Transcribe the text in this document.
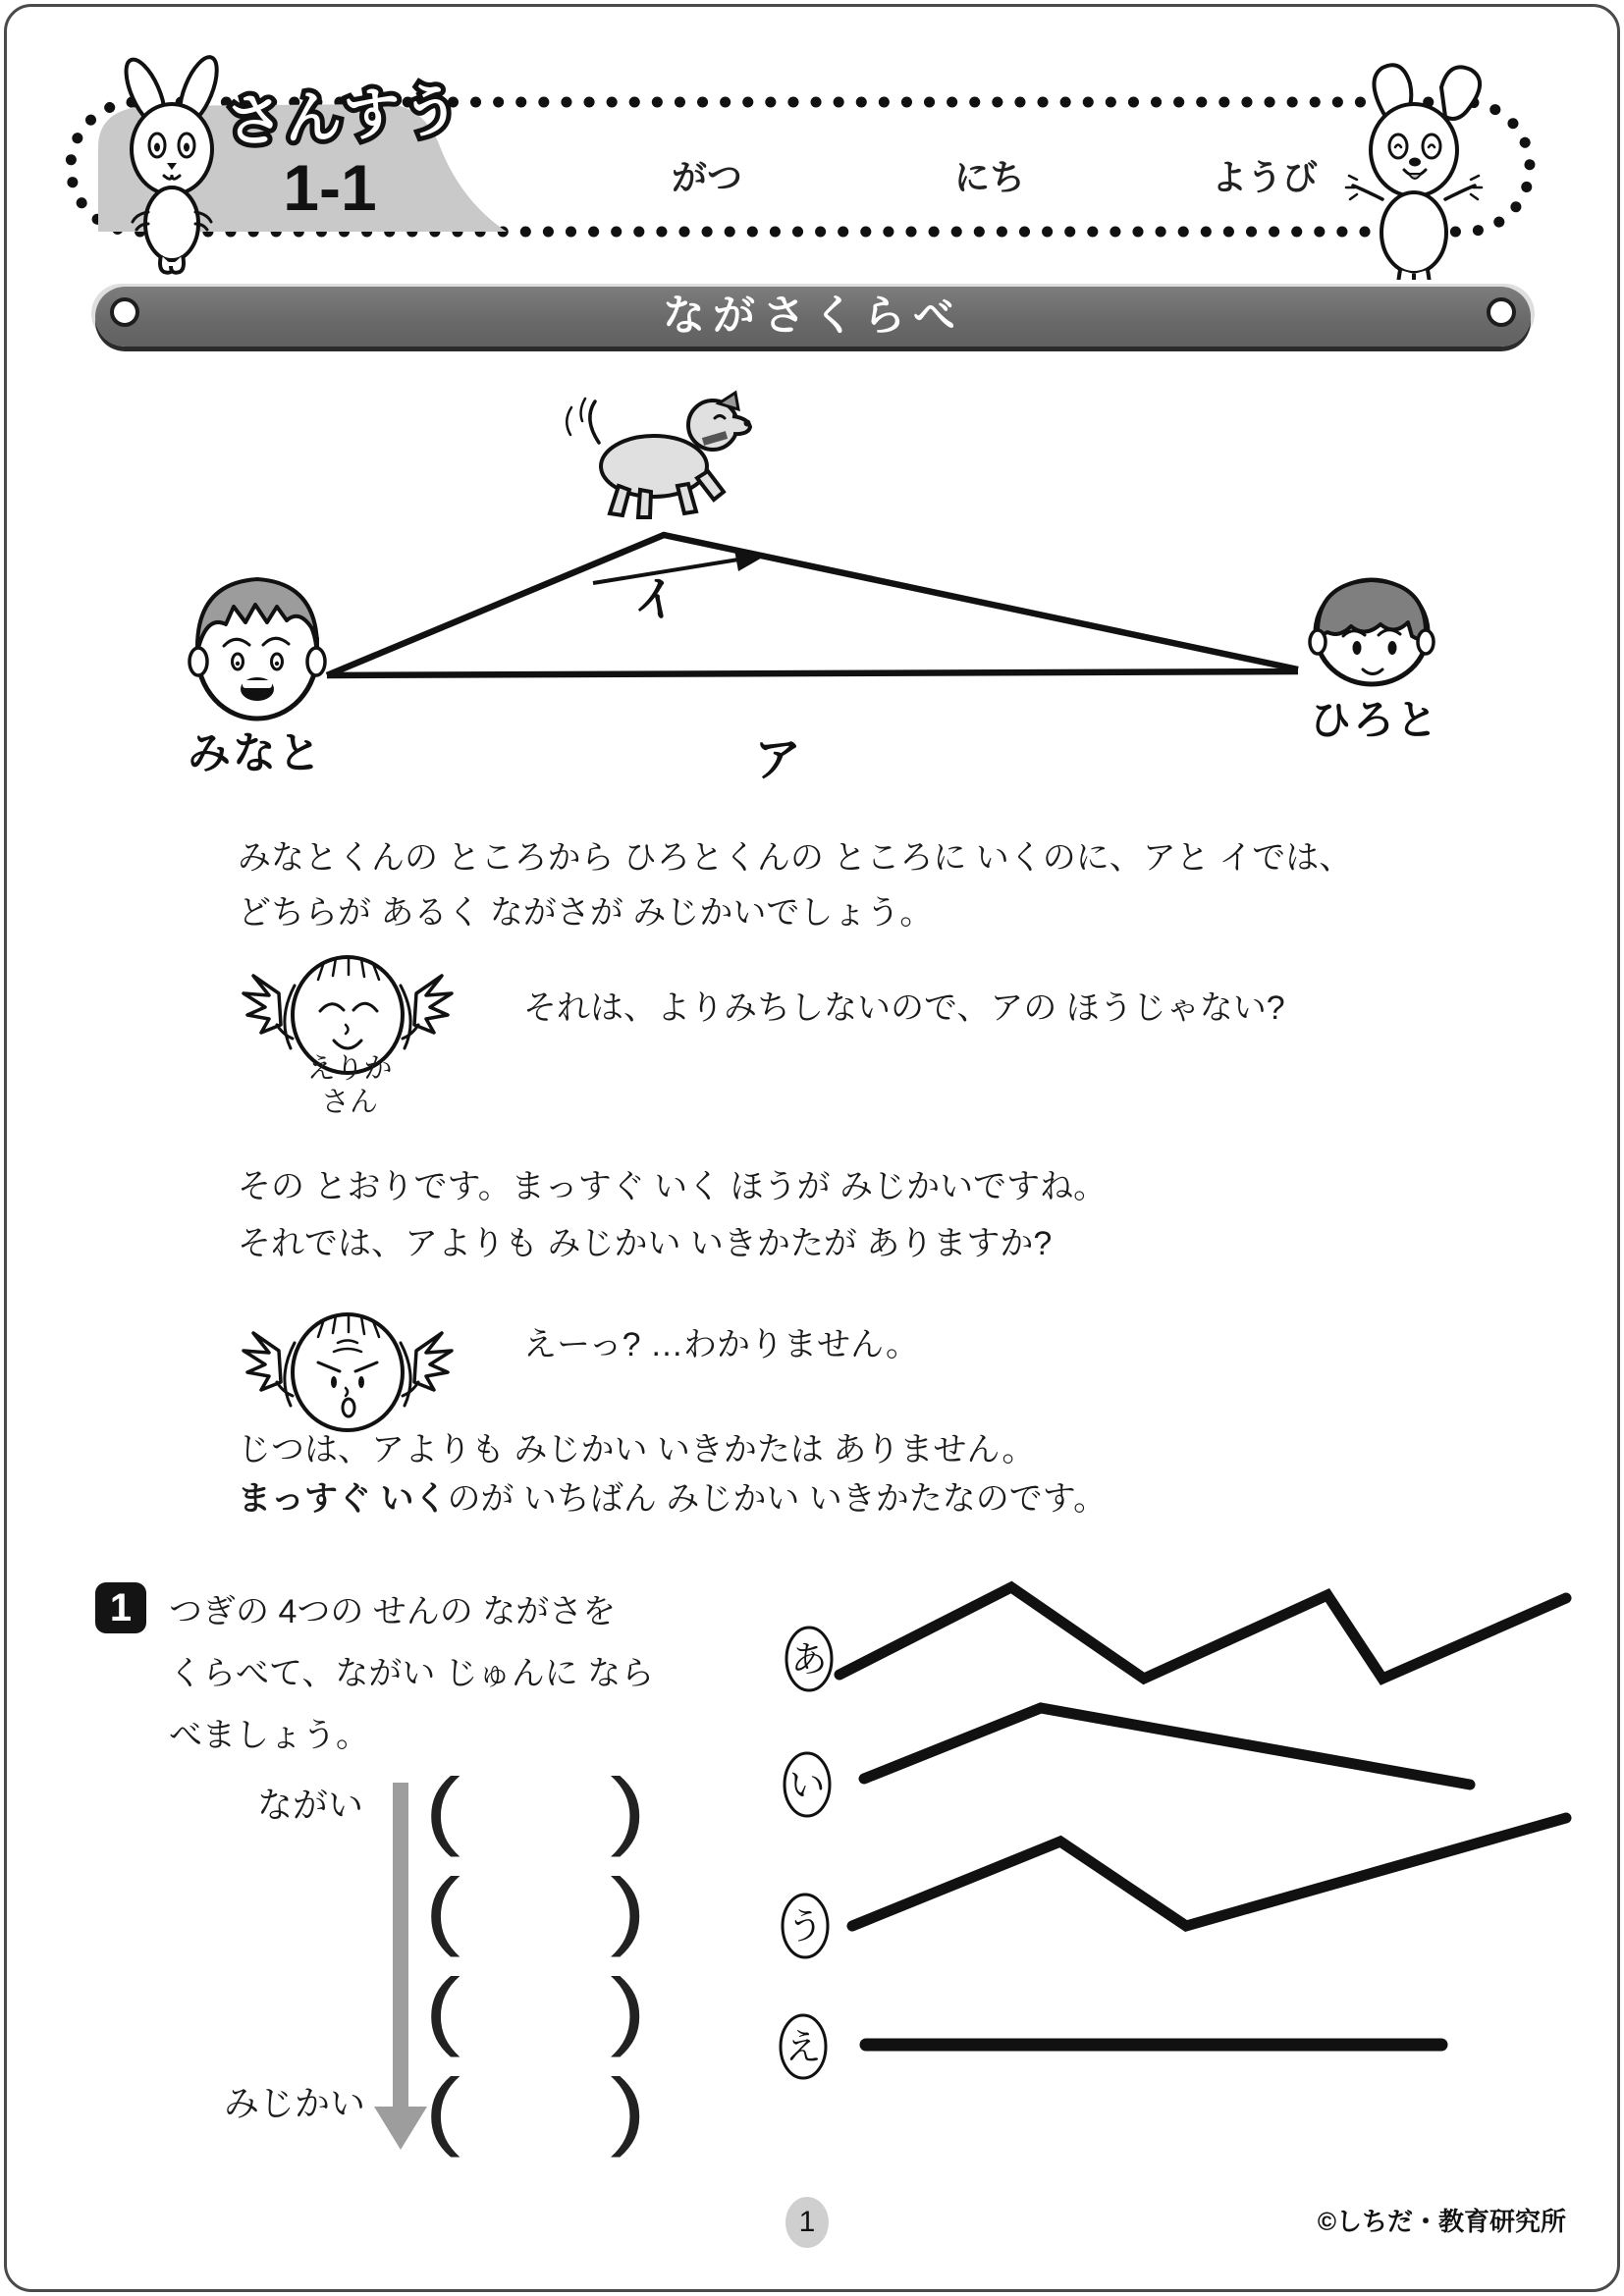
さんすう
1-1	がつ	にち	ようび
ながさくらべ
イ
ア
みなと
ひろと
みなとくんの ところから ひろとくんの ところに いくのに、アと イでは、
どちらが あるく ながさが みじかいでしょう。
それは、よりみちしないので、アの ほうじゃない?
えりか
さん
その とおりです。まっすぐ いく ほうが みじかいですね。
それでは、アよりも みじかい いきかたが ありますか?
えーっ? …わかりません。
じつは、アよりも みじかい いきかたは ありません。
まっすぐ いくのが いちばん みじかい いきかたなのです。
1	つぎの 4つの せんの ながさを
くらべて、ながい じゅんに なら
べましょう。
ながい
みじかい
( )
( )
( )
( )
あ
い
う
え
1	©しちだ・教育研究所
